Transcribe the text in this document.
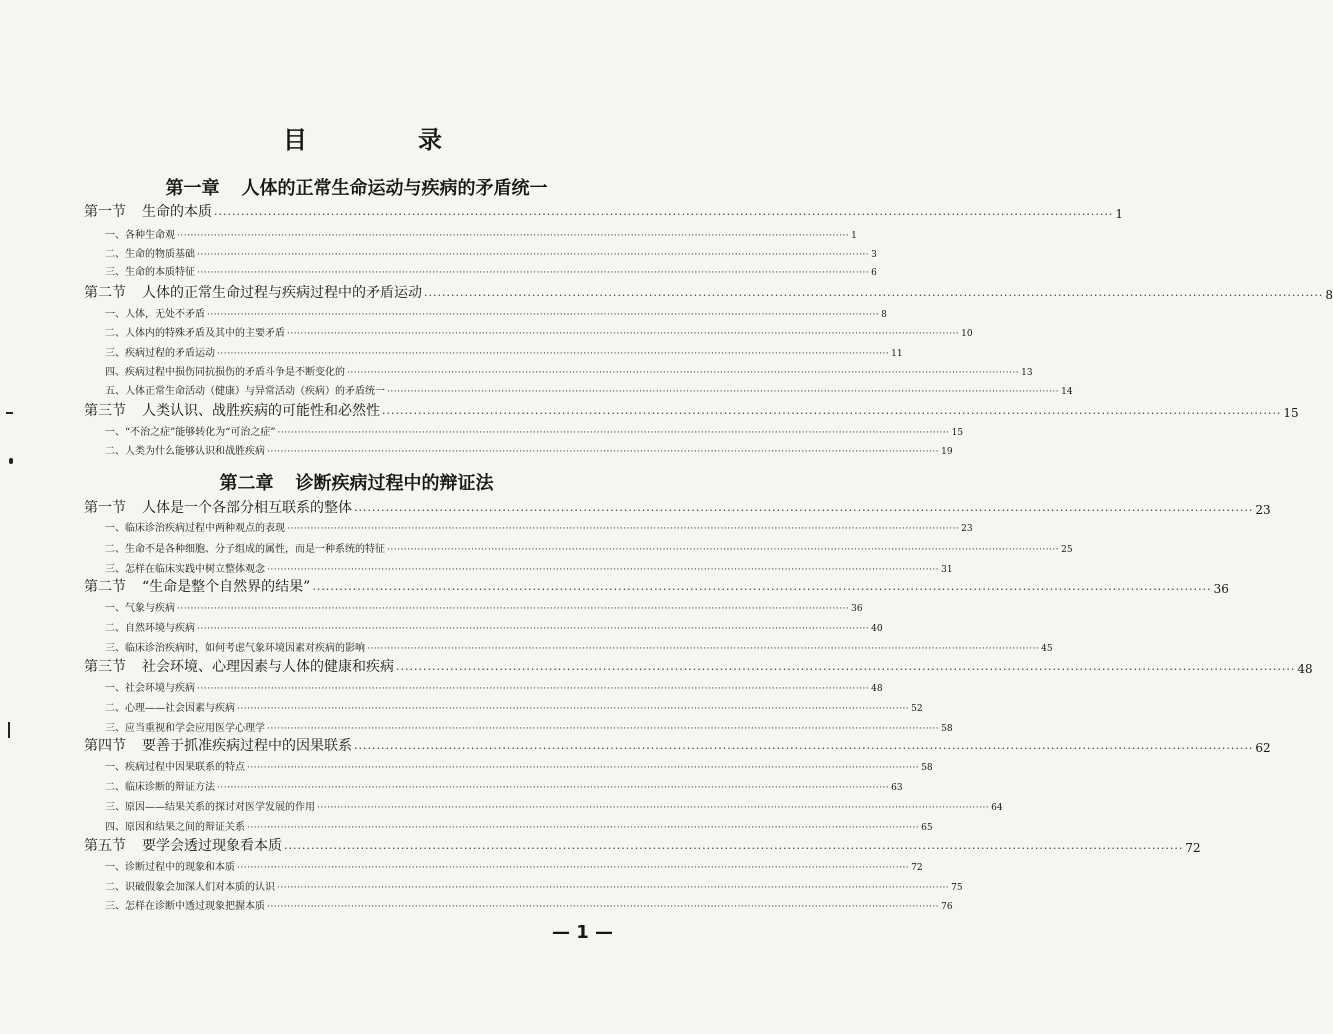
目	录
第一章 人体的正常生命运动与疾病的矛盾统一
第一节 生命的本质 ········································································································································································································ 1
一、各种生命观 ········································································································································································································ 1
二、生命的物质基础 ········································································································································································································ 3
三、生命的本质特征 ········································································································································································································ 6
第二节 人体的正常生命过程与疾病过程中的矛盾运动 ········································································································································································································ 8
一、人体，无处不矛盾 ········································································································································································································ 8
二、人体内的特殊矛盾及其中的主要矛盾 ········································································································································································································ 10
三、疾病过程的矛盾运动 ········································································································································································································ 11
四、疾病过程中损伤同抗损伤的矛盾斗争是不断变化的 ········································································································································································································ 13
五、人体正常生命活动（健康）与异常活动（疾病）的矛盾统一 ········································································································································································································ 14
第三节 人类认识、战胜疾病的可能性和必然性 ········································································································································································································ 15
一、“不治之症”能够转化为“可治之症” ········································································································································································································ 15
二、人类为什么能够认识和战胜疾病 ········································································································································································································ 19
第二章 诊断疾病过程中的辩证法
第一节 人体是一个各部分相互联系的整体 ········································································································································································································ 23
一、临床诊治疾病过程中两种观点的表现 ········································································································································································································ 23
二、生命不是各种细胞、分子组成的属性，而是一种系统的特征 ········································································································································································································ 25
三、怎样在临床实践中树立整体观念 ········································································································································································································ 31
第二节 “生命是整个自然界的结果” ········································································································································································································ 36
一、气象与疾病 ········································································································································································································ 36
二、自然环境与疾病 ········································································································································································································ 40
三、临床诊治疾病时，如何考虑气象环境因素对疾病的影响 ········································································································································································································ 45
第三节 社会环境、心理因素与人体的健康和疾病 ········································································································································································································ 48
一、社会环境与疾病 ········································································································································································································ 48
二、心理——社会因素与疾病 ········································································································································································································ 52
三、应当重视和学会应用医学心理学 ········································································································································································································ 58
第四节 要善于抓准疾病过程中的因果联系 ········································································································································································································ 62
一、疾病过程中因果联系的特点 ········································································································································································································ 58
二、临床诊断的辩证方法 ········································································································································································································ 63
三、原因——结果关系的探讨对医学发展的作用 ········································································································································································································ 64
四、原因和结果之间的辩证关系 ········································································································································································································ 65
第五节 要学会透过现象看本质 ········································································································································································································ 72
一、诊断过程中的现象和本质 ········································································································································································································ 72
二、识破假象会加深人们对本质的认识 ········································································································································································································ 75
三、怎样在诊断中透过现象把握本质 ········································································································································································································ 76
— 1 —
